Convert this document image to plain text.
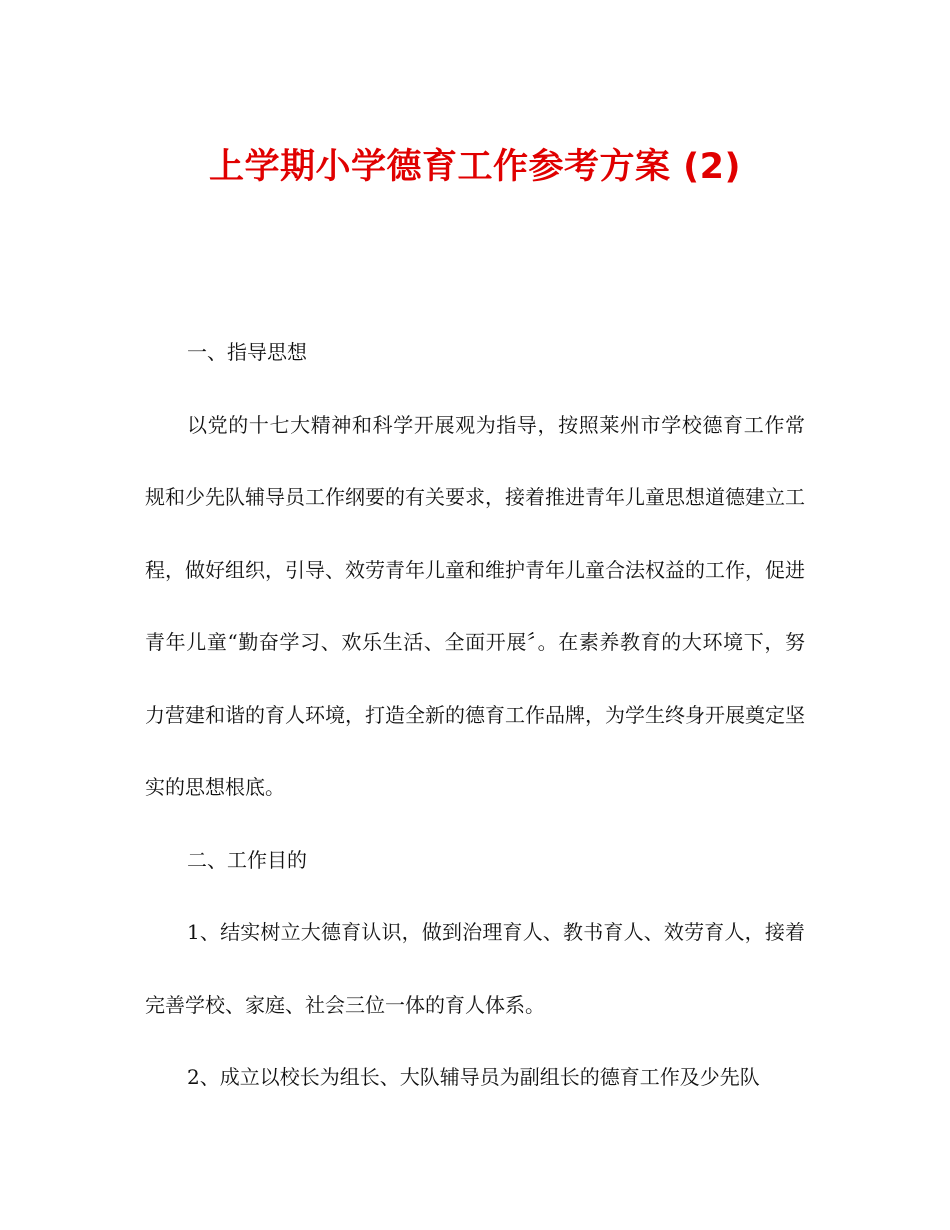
上学期小学德育工作参考方案 (2)

一、指导思想

以党的十七大精神和科学开展观为指导，按照莱州市学校德育工作常规和少先队辅导员工作纲要的有关要求，接着推进青年儿童思想道德建立工程，做好组织，引导、效劳青年儿童和维护青年儿童合法权益的工作，促进青年儿童“勤奋学习、欢乐生活、全面开展〞。在素养教育的大环境下，努力营建和谐的育人环境，打造全新的德育工作品牌，为学生终身开展奠定坚实的思想根底。

二、工作目的

1、结实树立大德育认识，做到治理育人、教书育人、效劳育人，接着完善学校、家庭、社会三位一体的育人体系。

2、成立以校长为组长、大队辅导员为副组长的德育工作及少先队
